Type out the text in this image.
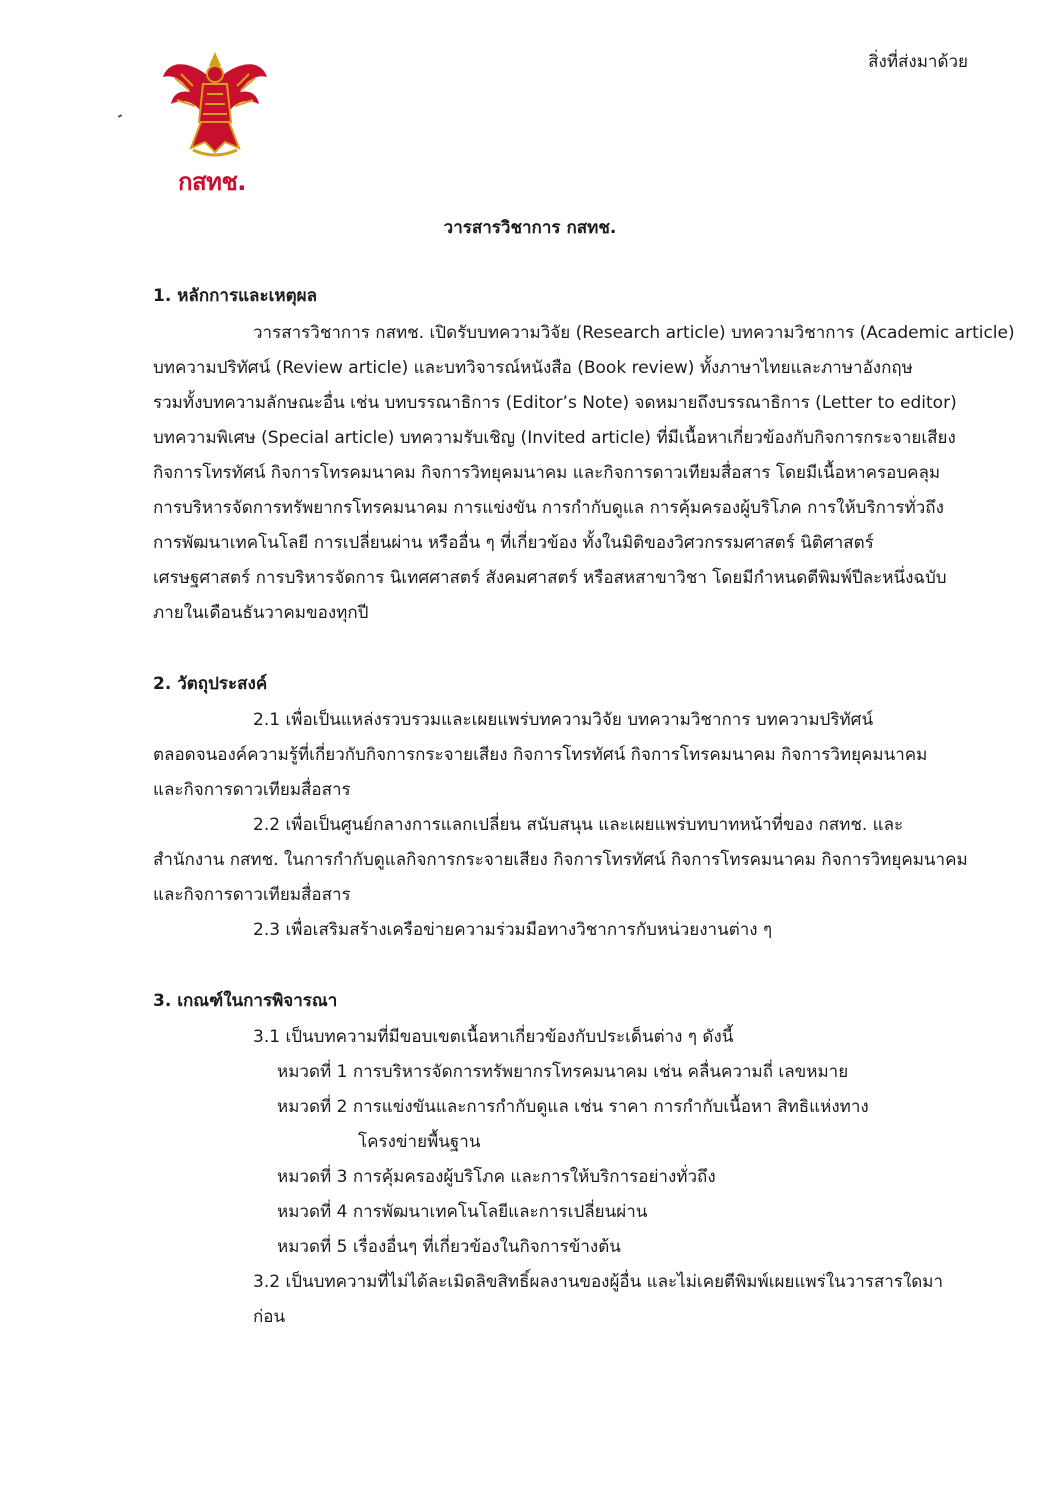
สิ่งที่ส่งมาด้วย
กสทช.
วารสารวิชาการ กสทช.

1. หลักการและเหตุผล

วารสารวิชาการ กสทช. เปิดรับบทความวิจัย (Research article) บทความวิชาการ (Academic article)
บทความปริทัศน์ (Review article) และบทวิจารณ์หนังสือ (Book review) ทั้งภาษาไทยและภาษาอังกฤษ
รวมทั้งบทความลักษณะอื่น เช่น บทบรรณาธิการ (Editor’s Note) จดหมายถึงบรรณาธิการ (Letter to editor)
บทความพิเศษ (Special article) บทความรับเชิญ (Invited article) ที่มีเนื้อหาเกี่ยวข้องกับกิจการกระจายเสียง
กิจการโทรทัศน์ กิจการโทรคมนาคม กิจการวิทยุคมนาคม และกิจการดาวเทียมสื่อสาร โดยมีเนื้อหาครอบคลุม
การบริหารจัดการทรัพยากรโทรคมนาคม การแข่งขัน การกำกับดูแล การคุ้มครองผู้บริโภค การให้บริการทั่วถึง
การพัฒนาเทคโนโลยี การเปลี่ยนผ่าน หรืออื่น ๆ ที่เกี่ยวข้อง ทั้งในมิติของวิศวกรรมศาสตร์ นิติศาสตร์
เศรษฐศาสตร์ การบริหารจัดการ นิเทศศาสตร์ สังคมศาสตร์ หรือสหสาขาวิชา โดยมีกำหนดตีพิมพ์ปีละหนึ่งฉบับ
ภายในเดือนธันวาคมของทุกปี

2. วัตถุประสงค์

2.1 เพื่อเป็นแหล่งรวบรวมและเผยแพร่บทความวิจัย บทความวิชาการ บทความปริทัศน์
ตลอดจนองค์ความรู้ที่เกี่ยวกับกิจการกระจายเสียง กิจการโทรทัศน์ กิจการโทรคมนาคม กิจการวิทยุคมนาคม
และกิจการดาวเทียมสื่อสาร

2.2 เพื่อเป็นศูนย์กลางการแลกเปลี่ยน สนับสนุน และเผยแพร่บทบาทหน้าที่ของ กสทช. และ
สำนักงาน กสทช. ในการกำกับดูแลกิจการกระจายเสียง กิจการโทรทัศน์ กิจการโทรคมนาคม กิจการวิทยุคมนาคม
และกิจการดาวเทียมสื่อสาร

2.3 เพื่อเสริมสร้างเครือข่ายความร่วมมือทางวิชาการกับหน่วยงานต่าง ๆ

3. เกณฑ์ในการพิจารณา

3.1 เป็นบทความที่มีขอบเขตเนื้อหาเกี่ยวข้องกับประเด็นต่าง ๆ ดังนี้

หมวดที่ 1 การบริหารจัดการทรัพยากรโทรคมนาคม เช่น คลื่นความถี่ เลขหมาย

หมวดที่ 2 การแข่งขันและการกำกับดูแล เช่น ราคา การกำกับเนื้อหา สิทธิแห่งทาง

โครงข่ายพื้นฐาน

หมวดที่ 3 การคุ้มครองผู้บริโภค และการให้บริการอย่างทั่วถึง

หมวดที่ 4 การพัฒนาเทคโนโลยีและการเปลี่ยนผ่าน

หมวดที่ 5 เรื่องอื่นๆ ที่เกี่ยวข้องในกิจการข้างต้น

3.2 เป็นบทความที่ไม่ได้ละเมิดลิขสิทธิ์ผลงานของผู้อื่น และไม่เคยตีพิมพ์เผยแพร่ในวารสารใดมาก่อน
